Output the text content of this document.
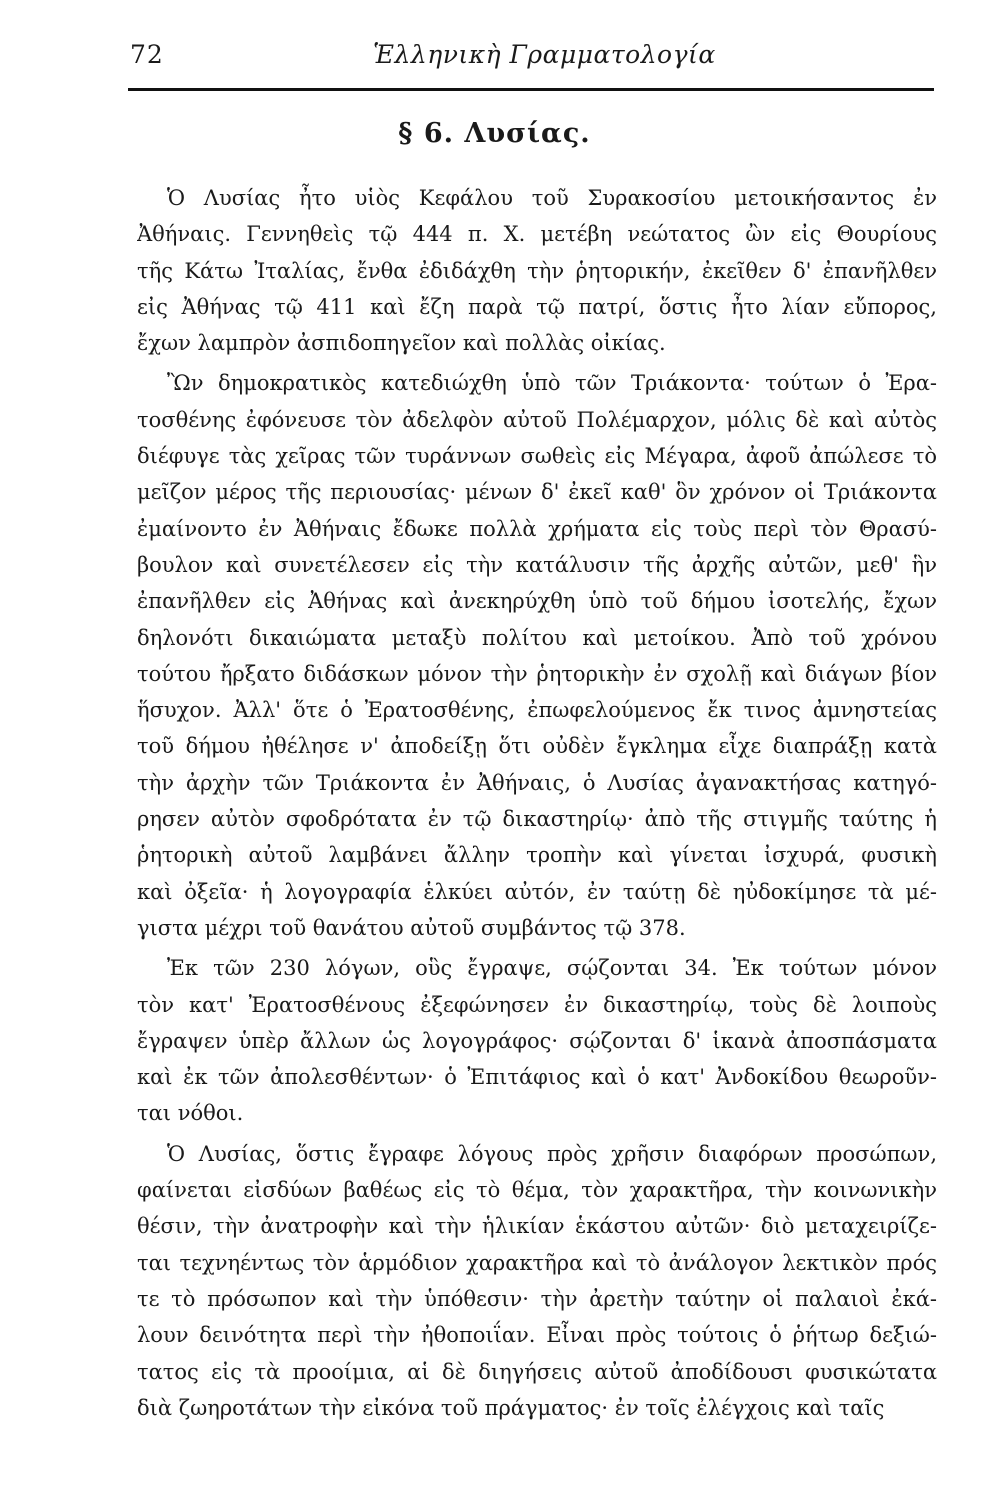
72	Ἑλληνικὴ Γραμματολογία
§ 6. Λυσίας.
Ὁ Λυσίας ἦτο υἱὸς Κεφάλου τοῦ Συρακοσίου μετοικήσαντος ἐν
Ἀθήναις. Γεννηθεὶς τῷ 444 π. Χ. μετέβη νεώτατος ὢν εἰς Θουρίους
τῆς Κάτω Ἰταλίας, ἔνθα ἐδιδάχθη τὴν ῥητορικήν, ἐκεῖθεν δ' ἐπανῆλθεν
εἰς Ἀθήνας τῷ 411 καὶ ἔζη παρὰ τῷ πατρί, ὅστις ἦτο λίαν εὔπορος,
ἔχων λαμπρὸν ἀσπιδοπηγεῖον καὶ πολλὰς οἰκίας.
Ὢν δημοκρατικὸς κατεδιώχθη ὑπὸ τῶν Τριάκοντα· τούτων ὁ Ἐρα-
τοσθένης ἐφόνευσε τὸν ἀδελφὸν αὐτοῦ Πολέμαρχον, μόλις δὲ καὶ αὐτὸς
διέφυγε τὰς χεῖρας τῶν τυράννων σωθεὶς εἰς Μέγαρα, ἀφοῦ ἀπώλεσε τὸ
μεῖζον μέρος τῆς περιουσίας· μένων δ' ἐκεῖ καθ' ὃν χρόνον οἱ Τριάκοντα
ἐμαίνοντο ἐν Ἀθήναις ἔδωκε πολλὰ χρήματα εἰς τοὺς περὶ τὸν Θρασύ-
βουλον καὶ συνετέλεσεν εἰς τὴν κατάλυσιν τῆς ἀρχῆς αὐτῶν, μεθ' ἣν
ἐπανῆλθεν εἰς Ἀθήνας καὶ ἀνεκηρύχθη ὑπὸ τοῦ δήμου ἰσοτελής, ἔχων
δηλονότι δικαιώματα μεταξὺ πολίτου καὶ μετοίκου. Ἀπὸ τοῦ χρόνου
τούτου ἤρξατο διδάσκων μόνον τὴν ῥητορικὴν ἐν σχολῇ καὶ διάγων βίον
ἥσυχον. Ἀλλ' ὅτε ὁ Ἐρατοσθένης, ἐπωφελούμενος ἔκ τινος ἀμνηστείας
τοῦ δήμου ἠθέλησε ν' ἀποδείξῃ ὅτι οὐδὲν ἔγκλημα εἶχε διαπράξῃ κατὰ
τὴν ἀρχὴν τῶν Τριάκοντα ἐν Ἀθήναις, ὁ Λυσίας ἀγανακτήσας κατηγό-
ρησεν αὐτὸν σφοδρότατα ἐν τῷ δικαστηρίῳ· ἀπὸ τῆς στιγμῆς ταύτης ἡ
ῥητορικὴ αὐτοῦ λαμβάνει ἄλλην τροπὴν καὶ γίνεται ἰσχυρά, φυσικὴ
καὶ ὀξεῖα· ἡ λογογραφία ἑλκύει αὐτόν, ἐν ταύτῃ δὲ ηὐδοκίμησε τὰ μέ-
γιστα μέχρι τοῦ θανάτου αὐτοῦ συμβάντος τῷ 378.
Ἐκ τῶν 230 λόγων, οὓς ἔγραψε, σῴζονται 34. Ἐκ τούτων μόνον
τὸν κατ' Ἐρατοσθένους ἐξεφώνησεν ἐν δικαστηρίῳ, τοὺς δὲ λοιποὺς
ἔγραψεν ὑπὲρ ἄλλων ὡς λογογράφος· σῴζονται δ' ἱκανὰ ἀποσπάσματα
καὶ ἐκ τῶν ἀπολεσθέντων· ὁ Ἐπιτάφιος καὶ ὁ κατ' Ἀνδοκίδου θεωροῦν-
ται νόθοι.
Ὁ Λυσίας, ὅστις ἔγραφε λόγους πρὸς χρῆσιν διαφόρων προσώπων,
φαίνεται εἰσδύων βαθέως εἰς τὸ θέμα, τὸν χαρακτῆρα, τὴν κοινωνικὴν
θέσιν, τὴν ἀνατροφὴν καὶ τὴν ἡλικίαν ἑκάστου αὐτῶν· διὸ μεταχειρίζε-
ται τεχνηέντως τὸν ἁρμόδιον χαρακτῆρα καὶ τὸ ἀνάλογον λεκτικὸν πρός
τε τὸ πρόσωπον καὶ τὴν ὑπόθεσιν· τὴν ἀρετὴν ταύτην οἱ παλαιοὶ ἐκά-
λουν δεινότητα περὶ τὴν ἠθοποιΐαν. Εἶναι πρὸς τούτοις ὁ ῥήτωρ δεξιώ-
τατος εἰς τὰ προοίμια, αἱ δὲ διηγήσεις αὐτοῦ ἀποδίδουσι φυσικώτατα
διὰ ζωηροτάτων τὴν εἰκόνα τοῦ πράγματος· ἐν τοῖς ἐλέγχοις καὶ ταῖς
